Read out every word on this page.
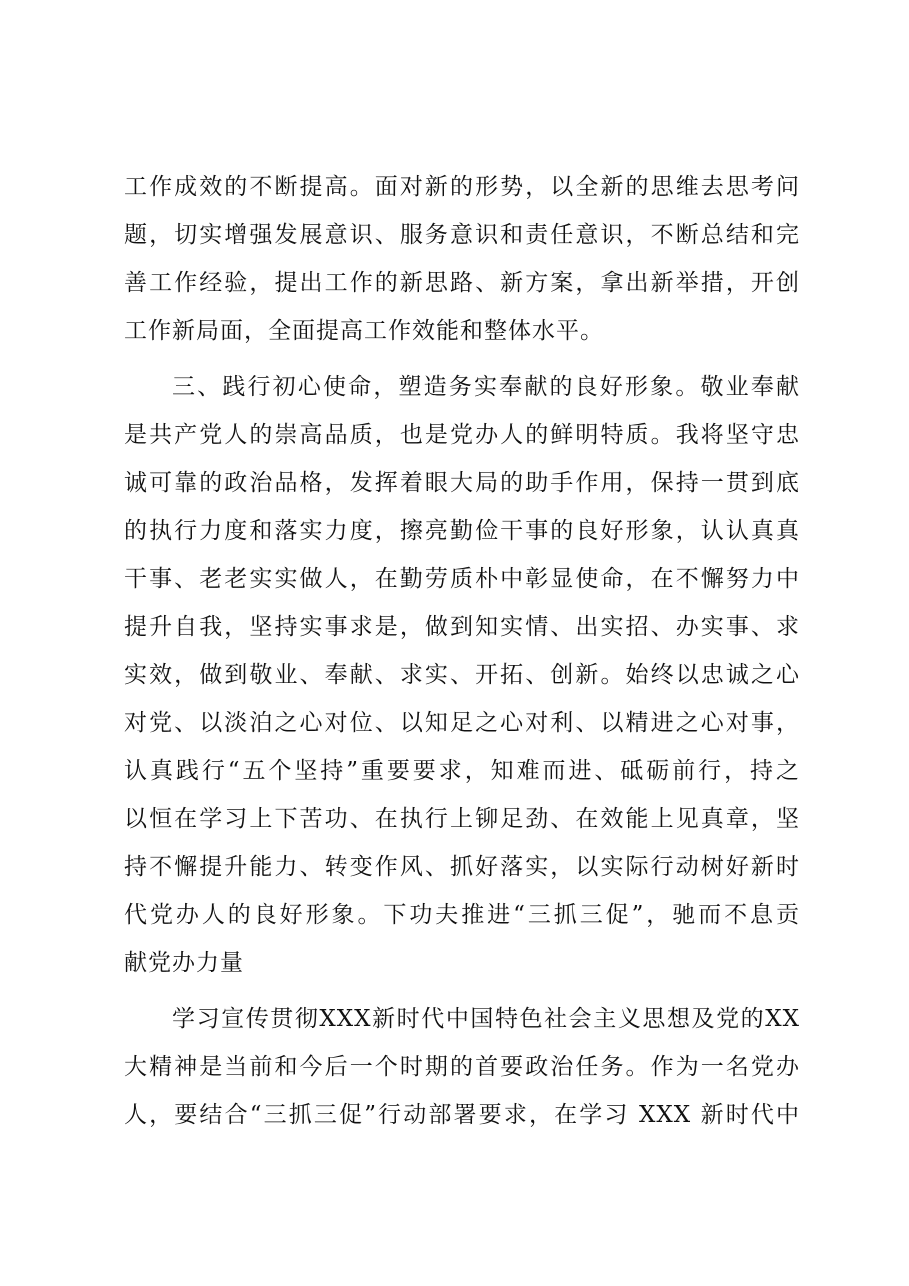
工作成效的不断提高。面对新的形势，以全新的思维去思考问
题，切实增强发展意识、服务意识和责任意识，不断总结和完
善工作经验，提出工作的新思路、新方案，拿出新举措，开创
工作新局面，全面提高工作效能和整体水平。
三、践行初心使命，塑造务实奉献的良好形象。敬业奉献
是共产党人的崇高品质，也是党办人的鲜明特质。我将坚守忠
诚可靠的政治品格，发挥着眼大局的助手作用，保持一贯到底
的执行力度和落实力度，擦亮勤俭干事的良好形象，认认真真
干事、老老实实做人，在勤劳质朴中彰显使命，在不懈努力中
提升自我，坚持实事求是，做到知实情、出实招、办实事、求
实效，做到敬业、奉献、求实、开拓、创新。始终以忠诚之心
对党、以淡泊之心对位、以知足之心对利、以精进之心对事，
认真践行“五个坚持”重要要求，知难而进、砥砺前行，持之
以恒在学习上下苦功、在执行上铆足劲、在效能上见真章，坚
持不懈提升能力、转变作风、抓好落实，以实际行动树好新时
代党办人的良好形象。下功夫推进“三抓三促”，驰而不息贡
献党办力量
学习宣传贯彻XXX新时代中国特色社会主义思想及党的XX
大精神是当前和今后一个时期的首要政治任务。作为一名党办
人，要结合“三抓三促”行动部署要求，在学习 XXX 新时代中
